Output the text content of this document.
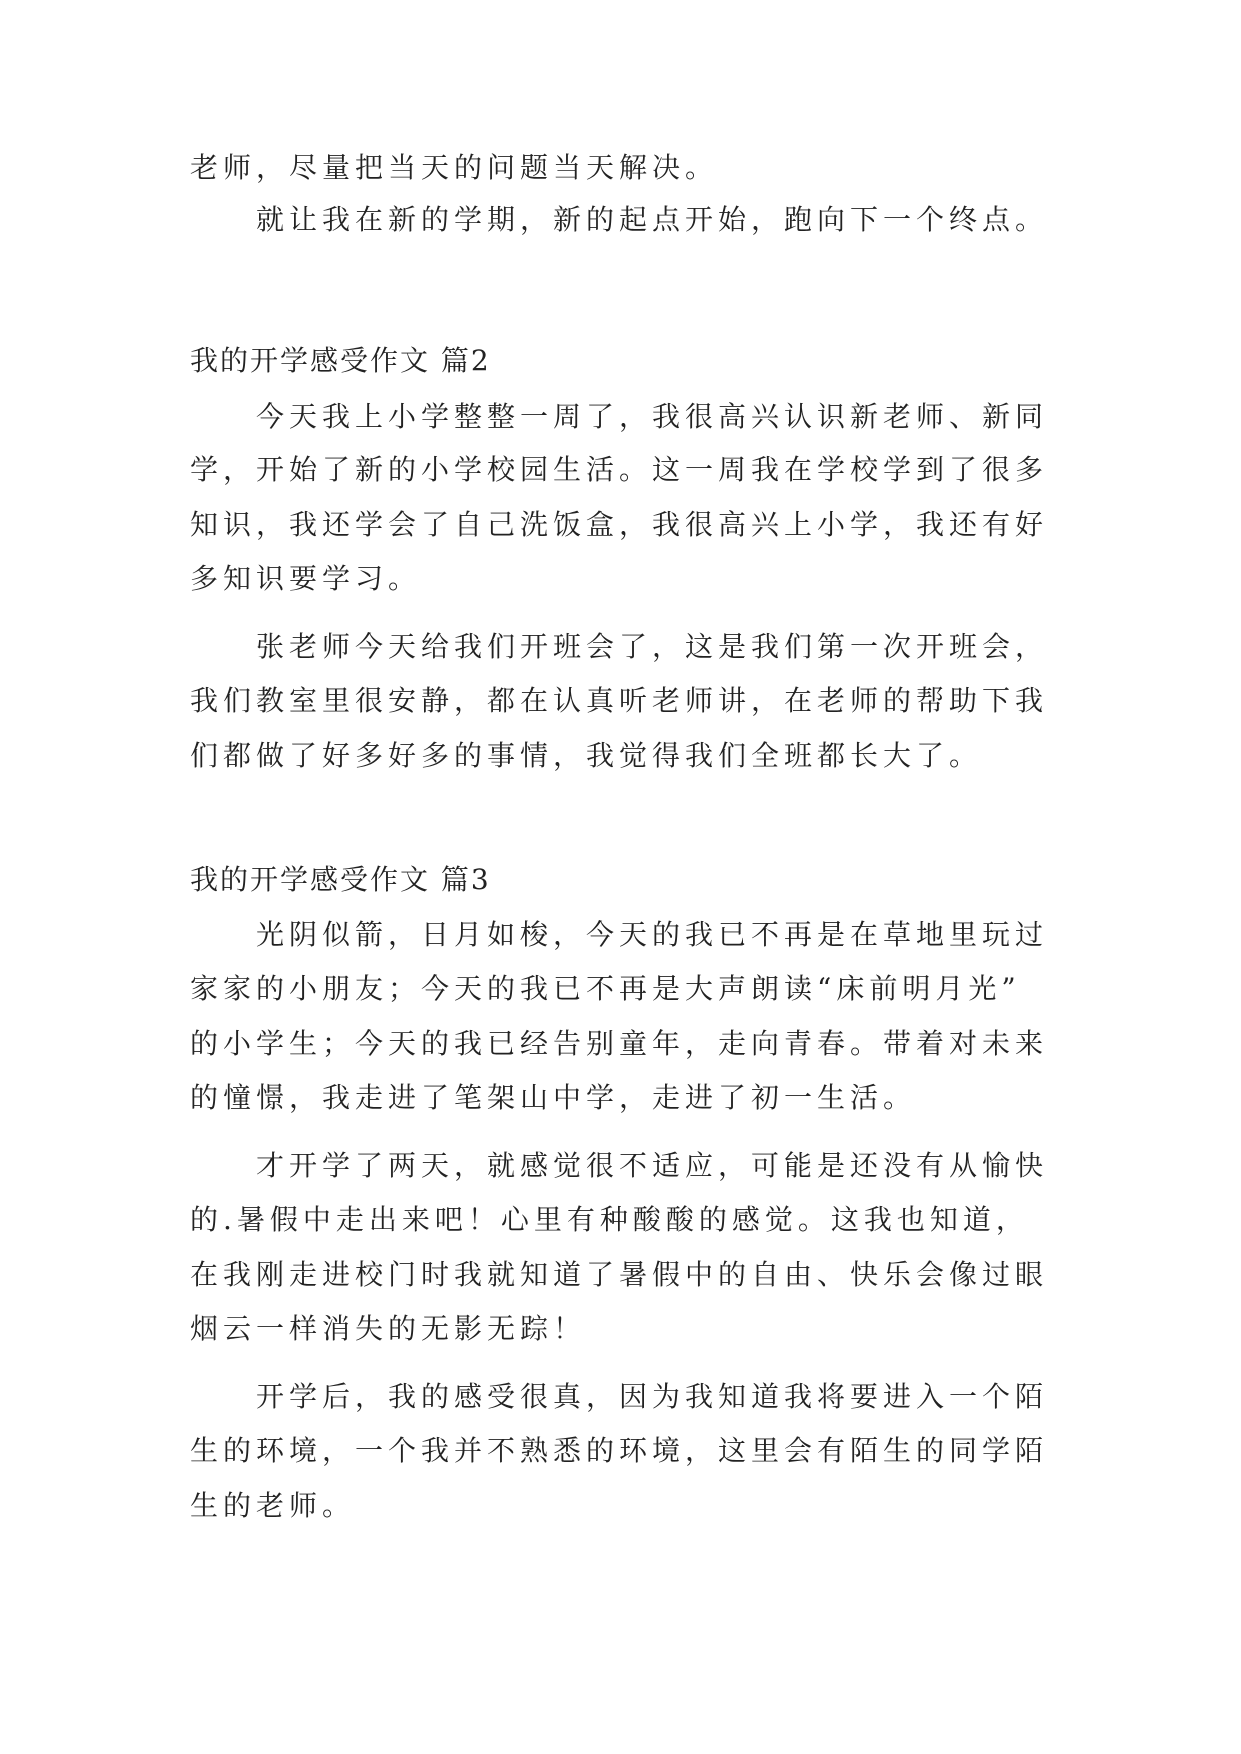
老师，尽量把当天的问题当天解决。
就让我在新的学期，新的起点开始，跑向下一个终点。
我的开学感受作文 篇2
今天我上小学整整一周了，我很高兴认识新老师、新同
学，开始了新的小学校园生活。这一周我在学校学到了很多
知识，我还学会了自己洗饭盒，我很高兴上小学，我还有好
多知识要学习。
张老师今天给我们开班会了，这是我们第一次开班会，
我们教室里很安静，都在认真听老师讲，在老师的帮助下我
们都做了好多好多的事情，我觉得我们全班都长大了。
我的开学感受作文 篇3
光阴似箭，日月如梭，今天的我已不再是在草地里玩过
家家的小朋友；今天的我已不再是大声朗读“床前明月光”
的小学生；今天的我已经告别童年，走向青春。带着对未来
的憧憬，我走进了笔架山中学，走进了初一生活。
才开学了两天，就感觉很不适应，可能是还没有从愉快
的.暑假中走出来吧！心里有种酸酸的感觉。这我也知道，
在我刚走进校门时我就知道了暑假中的自由、快乐会像过眼
烟云一样消失的无影无踪！
开学后，我的感受很真，因为我知道我将要进入一个陌
生的环境，一个我并不熟悉的环境，这里会有陌生的同学陌
生的老师。
